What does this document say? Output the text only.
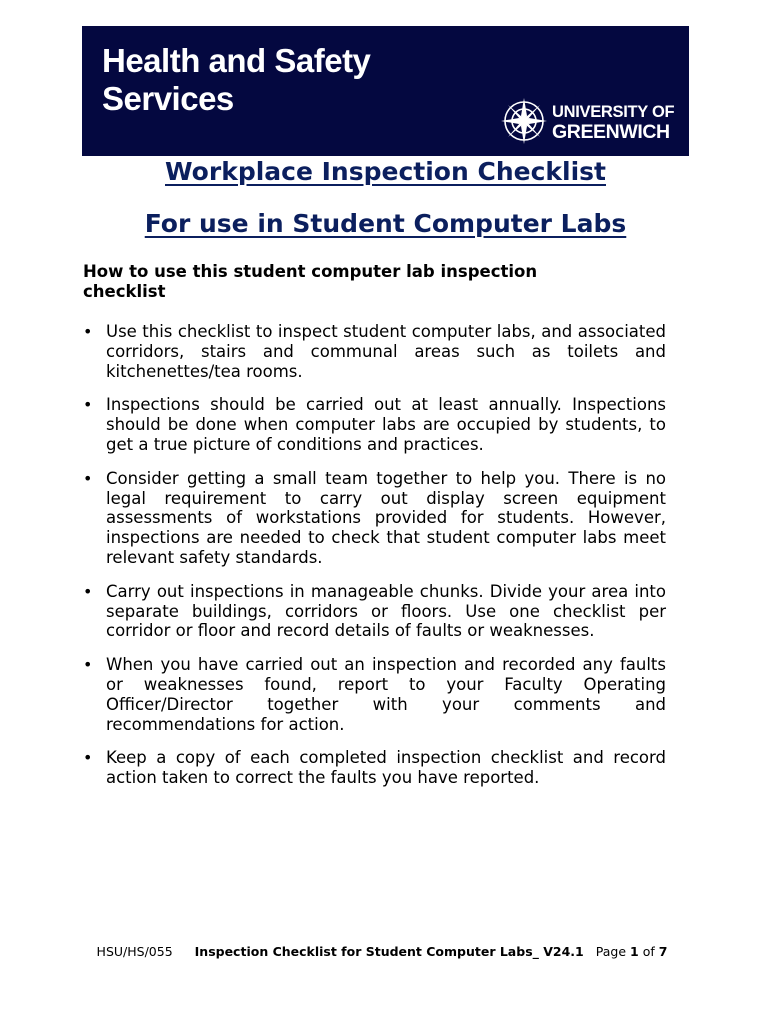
Health and Safety
Services	UNIVERSITY OF
GREENWICH
Workplace Inspection Checklist
For use in Student Computer Labs

How to use this student computer lab inspection checklist

• Use this checklist to inspect student computer labs, and associated corridors, stairs and communal areas such as toilets and kitchenettes/tea rooms.
• Inspections should be carried out at least annually. Inspections should be done when computer labs are occupied by students, to get a true picture of conditions and practices.
• Consider getting a small team together to help you. There is no legal requirement to carry out display screen equipment assessments of workstations provided for students. However, inspections are needed to check that student computer labs meet relevant safety standards.
• Carry out inspections in manageable chunks. Divide your area into separate buildings, corridors or floors. Use one checklist per corridor or floor and record details of faults or weaknesses.
• When you have carried out an inspection and recorded any faults or weaknesses found, report to your Faculty Operating Officer/Director together with your comments and recommendations for action.
• Keep a copy of each completed inspection checklist and record action taken to correct the faults you have reported.
HSU/HS/055 Inspection Checklist for Student Computer Labs_ V24.1 Page 1 of 7
